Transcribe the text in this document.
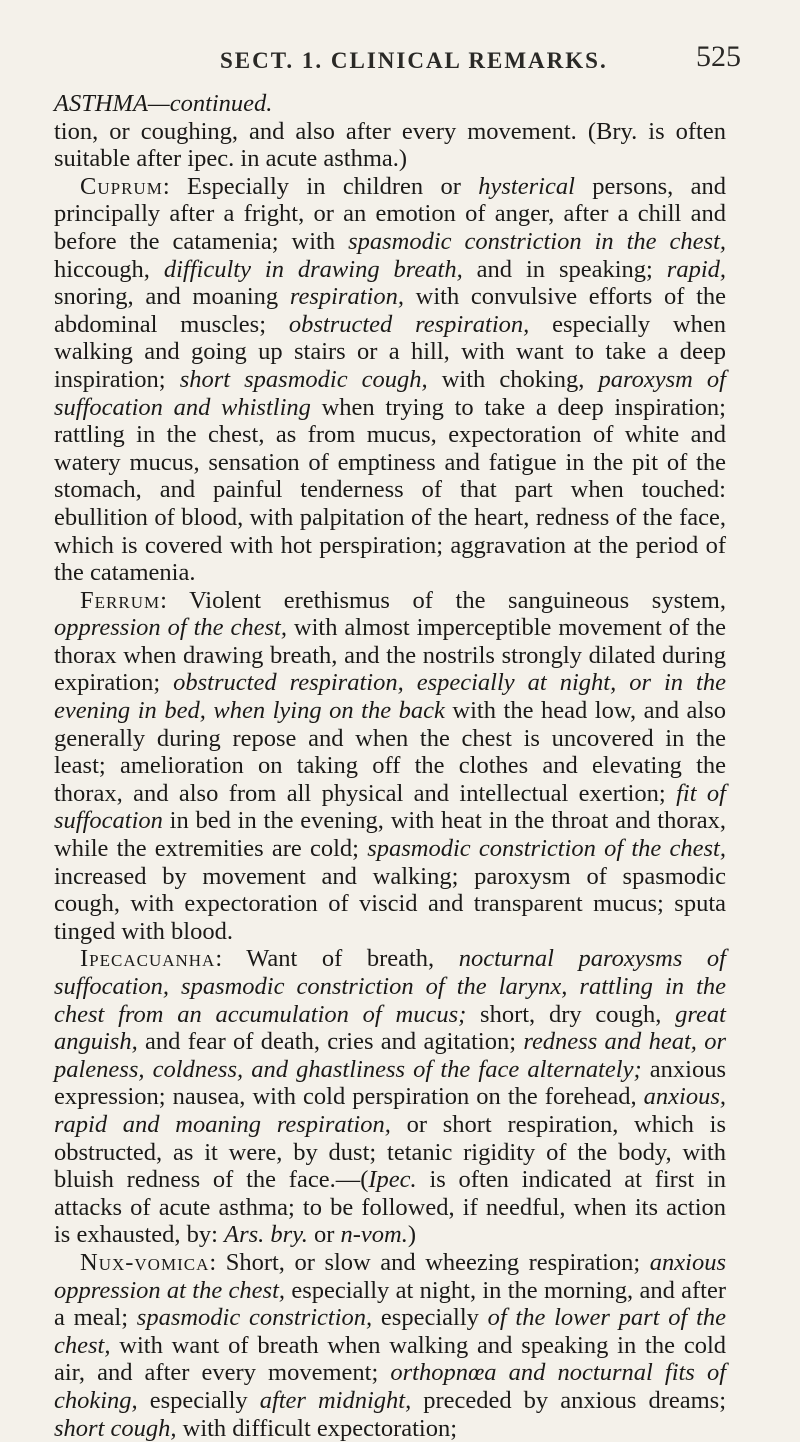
SECT. 1. CLINICAL REMARKS.	525

ASTHMA—continued.

tion, or coughing, and also after every movement. (Bry. is often suitable after ipec. in acute asthma.)

Cuprum: Especially in children or hysterical persons, and principally after a fright, or an emotion of anger, after a chill and before the catamenia; with spasmodic constriction in the chest, hiccough, difficulty in drawing breath, and in speaking; rapid, snoring, and moaning respiration, with convulsive efforts of the abdominal muscles; obstructed respiration, especially when walking and going up stairs or a hill, with want to take a deep inspiration; short spasmodic cough, with choking, paroxysm of suffocation and whistling when trying to take a deep inspiration; rattling in the chest, as from mucus, expectoration of white and watery mucus, sensation of emptiness and fatigue in the pit of the stomach, and painful tenderness of that part when touched: ebullition of blood, with palpitation of the heart, redness of the face, which is covered with hot perspiration; aggravation at the period of the catamenia.

Ferrum: Violent erethismus of the sanguineous system, oppression of the chest, with almost imperceptible movement of the thorax when drawing breath, and the nostrils strongly dilated during expiration; obstructed respiration, especially at night, or in the evening in bed, when lying on the back with the head low, and also generally during repose and when the chest is uncovered in the least; amelioration on taking off the clothes and elevating the thorax, and also from all physical and intellectual exertion; fit of suffocation in bed in the evening, with heat in the throat and thorax, while the extremities are cold; spasmodic constriction of the chest, increased by movement and walking; paroxysm of spasmodic cough, with expectoration of viscid and transparent mucus; sputa tinged with blood.

Ipecacuanha: Want of breath, nocturnal paroxysms of suffocation, spasmodic constriction of the larynx, rattling in the chest from an accumulation of mucus; short, dry cough, great anguish, and fear of death, cries and agitation; redness and heat, or paleness, coldness, and ghastliness of the face alternately; anxious expression; nausea, with cold perspiration on the forehead, anxious, rapid and moaning respiration, or short respiration, which is obstructed, as it were, by dust; tetanic rigidity of the body, with bluish redness of the face.—(Ipec. is often indicated at first in attacks of acute asthma; to be followed, if needful, when its action is exhausted, by: Ars. bry. or n-vom.)

Nux-vomica: Short, or slow and wheezing respiration; anxious oppression at the chest, especially at night, in the morning, and after a meal; spasmodic constriction, especially of the lower part of the chest, with want of breath when walking and speaking in the cold air, and after every movement; orthopnœa and nocturnal fits of choking, especially after midnight, preceded by anxious dreams; short cough, with difficult expectoration;
